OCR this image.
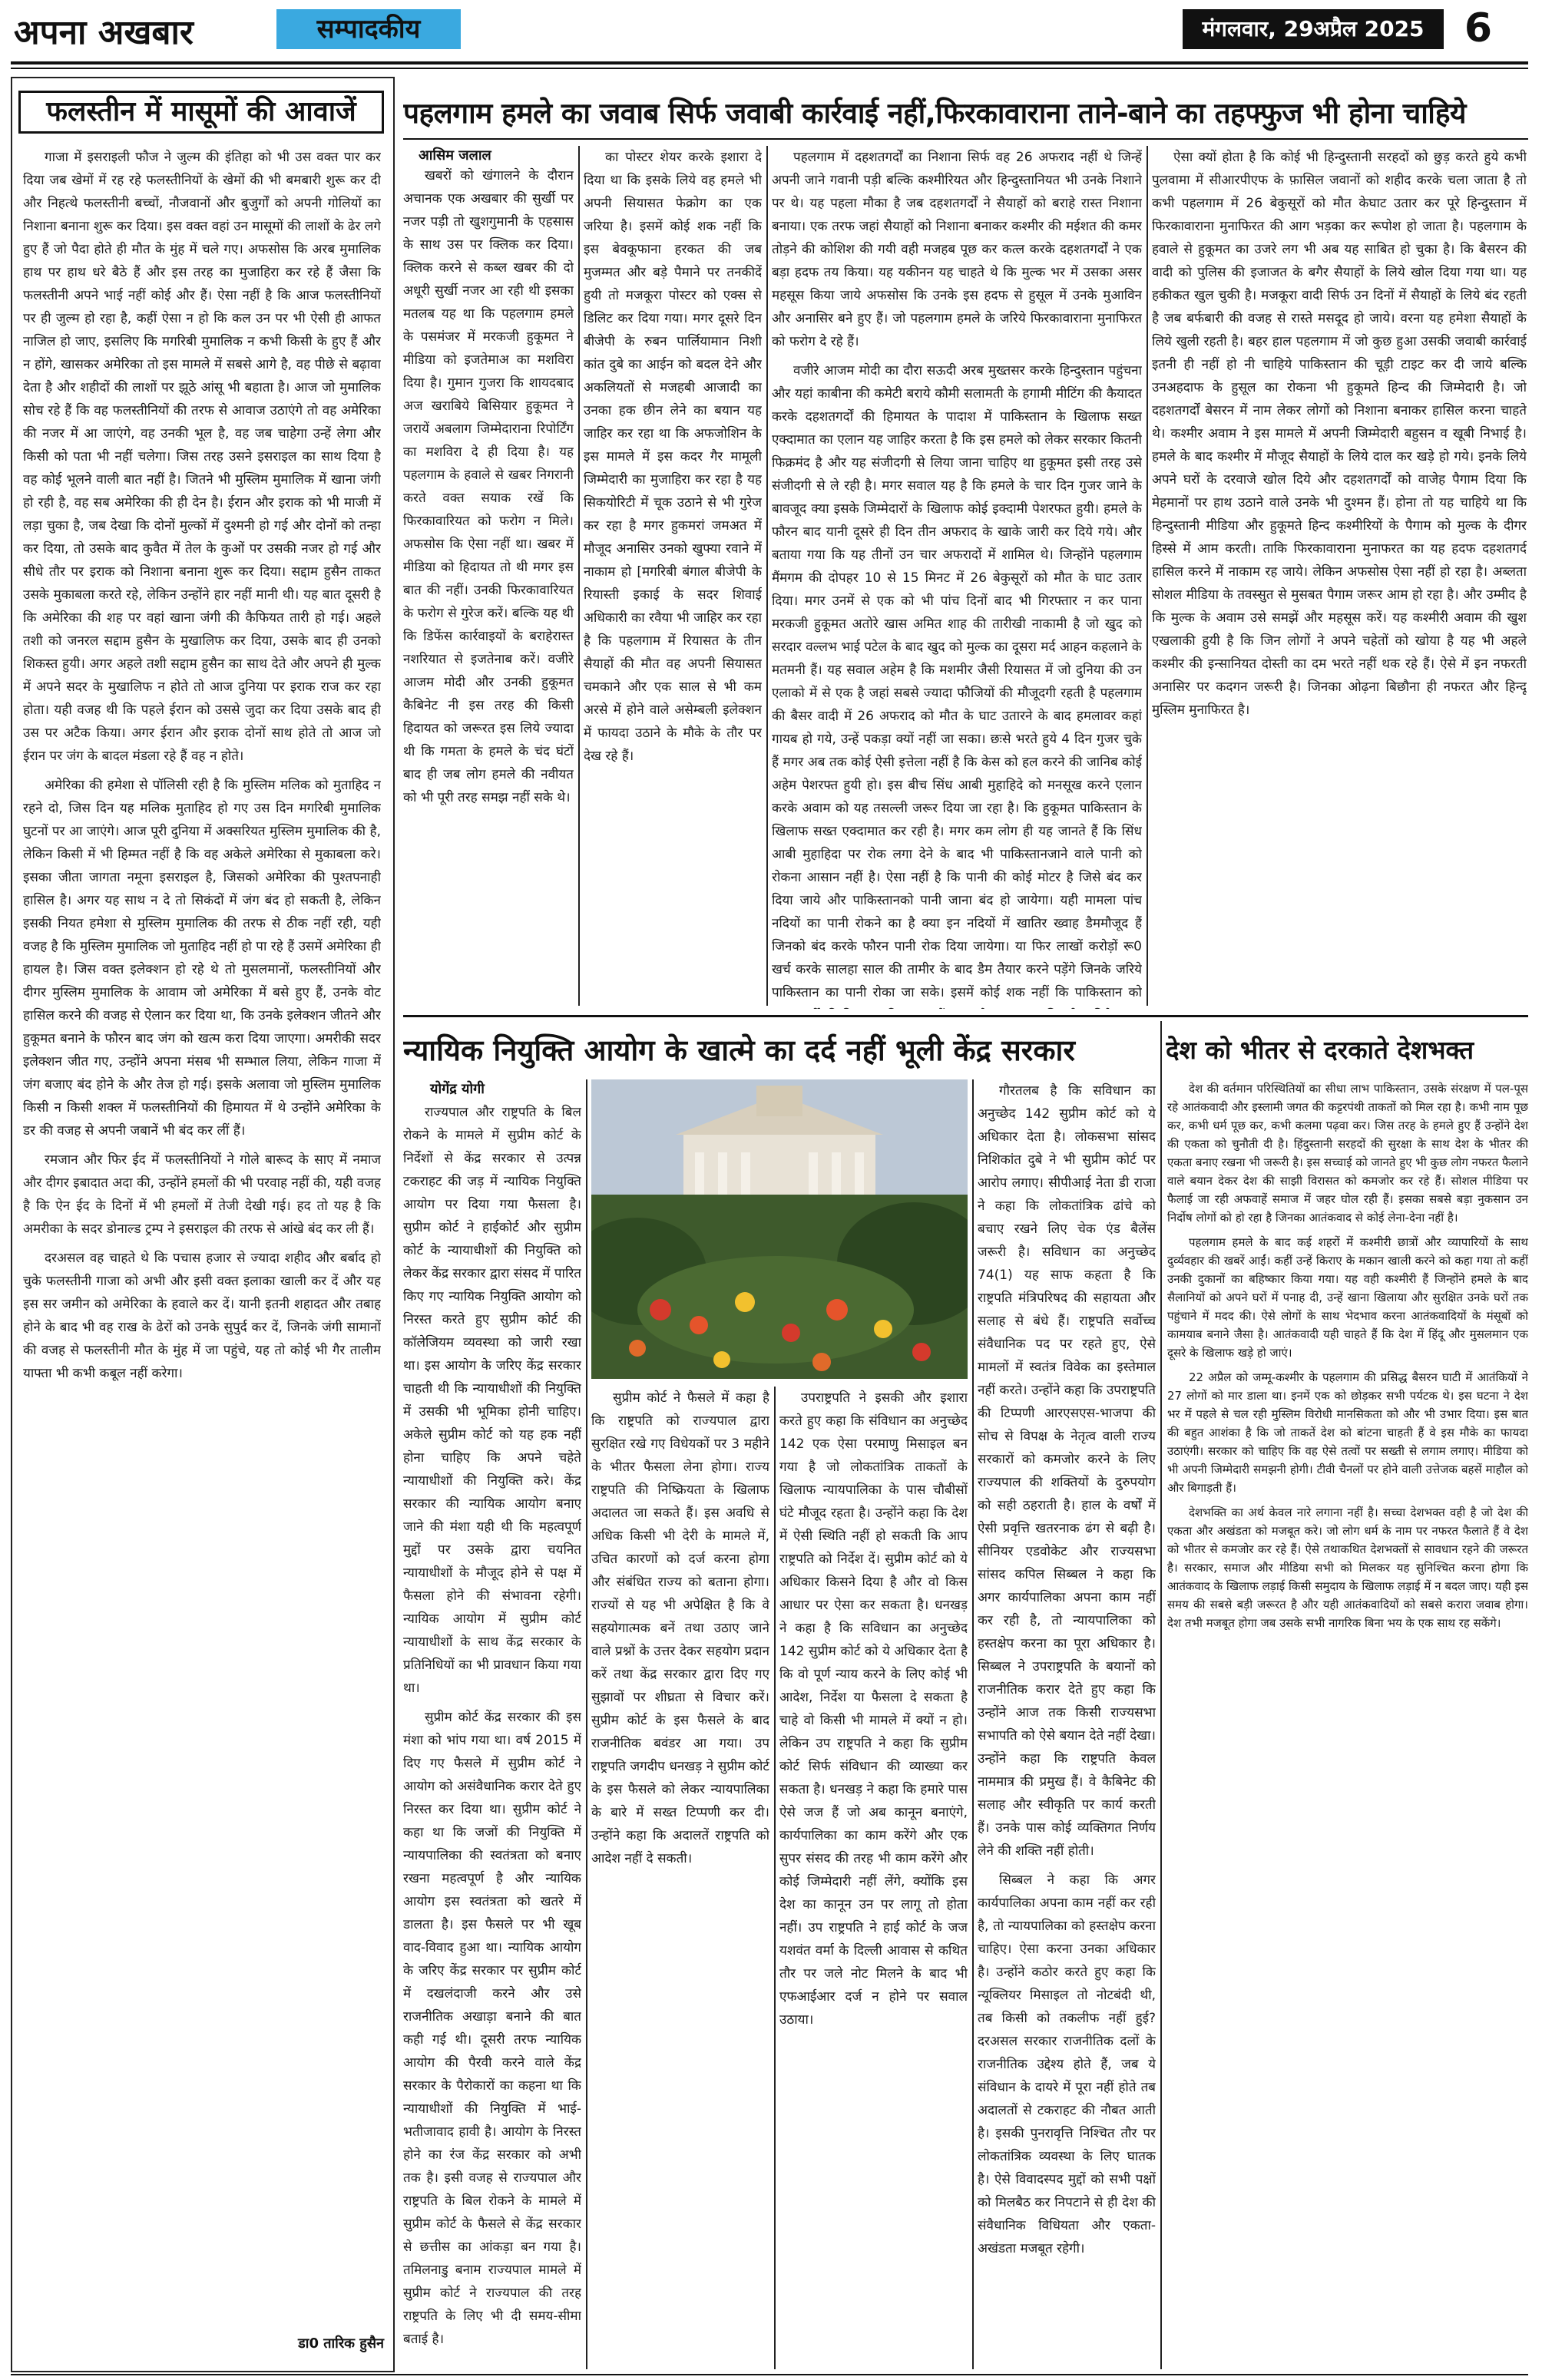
अपना अखबार	सम्पादकीय	मंगलवार, 29अप्रैल 2025	6
फलस्तीन में मासूमों की आवाजें

गाजा में इसराइली फौज ने जुल्म की इंतिहा को भी उस वक्त पार कर दिया जब खेमों में रह रहे फलस्तीनियों के खेमों की भी बमबारी शुरू कर दी और निहत्थे फलस्तीनी बच्चों, नौजवानों और बुजुर्गों को अपनी गोलियों का निशाना बनाना शुरू कर दिया। इस वक्त वहां उन मासूमों की लाशों के ढेर लगे हुए हैं जो पैदा होते ही मौत के मुंह में चले गए। अफसोस कि अरब मुमालिक हाथ पर हाथ धरे बैठे हैं और इस तरह का मुजाहिरा कर रहे हैं जैसा कि फलस्तीनी अपने भाई नहीं कोई और हैं। ऐसा नहीं है कि आज फलस्तीनियों पर ही जुल्म हो रहा है, कहीं ऐसा न हो कि कल उन पर भी ऐसी ही आफत नाजिल हो जाए, इसलिए कि मगरिबी मुमालिक न कभी किसी के हुए हैं और न होंगे, खासकर अमेरिका तो इस मामले में सबसे आगे है, वह पीछे से बढ़ावा देता है और शहीदों की लाशों पर झूठे आंसू भी बहाता है। आज जो मुमालिक सोच रहे हैं कि वह फलस्तीनियों की तरफ से आवाज उठाएंगे तो वह अमेरिका की नजर में आ जाएंगे, वह उनकी भूल है, वह जब चाहेगा उन्हें लेगा और किसी को पता भी नहीं चलेगा। जिस तरह उसने इसराइल का साथ दिया है वह कोई भूलने वाली बात नहीं है। जितने भी मुस्लिम मुमालिक में खाना जंगी हो रही है, वह सब अमेरिका की ही देन है। ईरान और इराक को भी माजी में लड़ा चुका है, जब देखा कि दोनों मुल्कों में दुश्मनी हो गई और दोनों को तन्हा कर दिया, तो उसके बाद कुवैत में तेल के कुओं पर उसकी नजर हो गई और सीधे तौर पर इराक को निशाना बनाना शुरू कर दिया। सद्दाम हुसैन ताकत उसके मुकाबला करते रहे, लेकिन उन्होंने हार नहीं मानी थी। यह बात दूसरी है कि अमेरिका की शह पर वहां खाना जंगी की कैफियत तारी हो गई। अहले तशी को जनरल सद्दाम हुसैन के मुखालिफ कर दिया, उसके बाद ही उनको शिकस्त हुयी। अगर अहले तशी सद्दाम हुसैन का साथ देते और अपने ही मुल्क में अपने सदर के मुखालिफ न होते तो आज दुनिया पर इराक राज कर रहा होता। यही वजह थी कि पहले ईरान को उससे जुदा कर दिया उसके बाद ही उस पर अटैक किया। अगर ईरान और इराक दोनों साथ होते तो आज जो ईरान पर जंग के बादल मंडला रहे हैं वह न होते।

अमेरिका की हमेशा से पॉलिसी रही है कि मुस्लिम मलिक को मुताहिद न रहने दो, जिस दिन यह मलिक मुताहिद हो गए उस दिन मगरिबी मुमालिक घुटनों पर आ जाएंगे। आज पूरी दुनिया में अक्सरियत मुस्लिम मुमालिक की है, लेकिन किसी में भी हिम्मत नहीं है कि वह अकेले अमेरिका से मुकाबला करे। इसका जीता जागता नमूना इसराइल है, जिसको अमेरिका की पुश्तपनाही हासिल है। अगर यह साथ न दे तो सिकंदों में जंग बंद हो सकती है, लेकिन इसकी नियत हमेशा से मुस्लिम मुमालिक की तरफ से ठीक नहीं रही, यही वजह है कि मुस्लिम मुमालिक जो मुताहिद नहीं हो पा रहे हैं उसमें अमेरिका ही हायल है। जिस वक्त इलेक्शन हो रहे थे तो मुसलमानों, फलस्तीनियों और दीगर मुस्लिम मुमालिक के आवाम जो अमेरिका में बसे हुए हैं, उनके वोट हासिल करने की वजह से ऐलान कर दिया था, कि उनके इलेक्शन जीतने और हुकूमत बनाने के फौरन बाद जंग को खत्म करा दिया जाएगा। अमरीकी सदर इलेक्शन जीत गए, उन्होंने अपना मंसब भी सम्भाल लिया, लेकिन गाजा में जंग बजाए बंद होने के और तेज हो गई। इसके अलावा जो मुस्लिम मुमालिक किसी न किसी शक्ल में फलस्तीनियों की हिमायत में थे उन्होंने अमेरिका के डर की वजह से अपनी जबानें भी बंद कर लीं हैं।

रमजान और फिर ईद में फलस्तीनियों ने गोले बारूद के साए में नमाज और दीगर इबादात अदा की, उन्होंने हमलों की भी परवाह नहीं की, यही वजह है कि ऐन ईद के दिनों में भी हमलों में तेजी देखी गई। हद तो यह है कि अमरीका के सदर डोनाल्ड ट्रम्प ने इसराइल की तरफ से आंखे बंद कर ली हैं।

दरअसल वह चाहते थे कि पचास हजार से ज्यादा शहीद और बर्बाद हो चुके फलस्तीनी गाजा को अभी और इसी वक्त इलाका खाली कर दें और यह इस सर जमीन को अमेरिका के हवाले कर दें। यानी इतनी शहादत और तबाह होने के बाद भी वह राख के ढेरों को उनके सुपुर्द कर दें, जिनके जंगी सामानों की वजह से फलस्तीनी मौत के मुंह में जा पहुंचे, यह तो कोई भी गैर तालीम याफ्ता भी कभी कबूल नहीं करेगा।

डा0 तारिक हुसैन
पहलगाम हमले का जवाब सिर्फ जवाबी कार्रवाई नहीं,फिरकावाराना ताने-बाने का तहफ्फुज भी होना चाहिये
आसिम जलाल

खबरों को खंगालने के दौरान अचानक एक अखबार की सुर्खी पर नजर पड़ी तो खुशगुमानी के एहसास के साथ उस पर क्लिक कर दिया। क्लिक करने से कब्ल खबर की दो अधूरी सुर्खी नजर आ रही थी इसका मतलब यह था कि पहलगाम हमले के पसमंजर में मरकजी हुकूमत ने मीडिया को इजतेमाअ का मशविरा दिया है। गुमान गुजरा कि शायदबाद अज खराबिये बिसियार हुकूमत ने जरायें अबलाग जिम्मेदाराना रिपोर्टिंग का मशविरा दे ही दिया है। यह पहलगाम के हवाले से खबर निगरानी करते वक्त सयाक रखें कि फिरकावारियत को फरोग न मिले। अफसोस कि ऐसा नहीं था। खबर में मीडिया को हिदायत तो थी मगर इस बात की नहीं। उनकी फिरकावारियत के फरोग से गुरेज करें। बल्कि यह थी कि डिफेंस कार्रवाइयों के बराहेरास्त नशरियात से इजतेनाब करें। वजीरे आजम मोदी और उनकी हुकूमत कैबिनेट नी इस तरह की किसी हिदायत को जरूरत इस लिये ज्यादा थी कि गमता के हमले के चंद घंटों बाद ही जब लोग हमले की नवीयत को भी पूरी तरह समझ नहीं सके थे।

का पोस्टर शेयर करके इशारा दे दिया था कि इसके लिये वह हमले भी अपनी सियासत फेक्रोग का एक जरिया है। इसमें कोई शक नहीं कि इस बेवकूफाना हरकत की जब मुजम्मत और बड़े पैमाने पर तनकीदें हुयी तो मजकूरा पोस्टर को एक्स से डिलिट कर दिया गया। मगर दूसरे दिन बीजेपी के रुबन पार्लियामान निशी कांत दुबे का आईन को बदल देने और अकलियतों से मजहबी आजादी का उनका हक छीन लेने का बयान यह जाहिर कर रहा था कि अफजोशिन के इस मामले में इस कदर गैर मामूली जिम्मेदारी का मुजाहिरा कर रहा है यह सिकयोरिटी में चूक उठाने से भी गुरेज कर रहा है मगर हुकमरां जमअत में मौजूद अनासिर उनको खुफ्या रवाने में नाकाम हो [मगरिबी बंगाल बीजेपी के रियास्ती इकाई के सदर शिवाई अधिकारी का रवैया भी जाहिर कर रहा है कि पहलगाम में रियासत के तीन सैयाहों की मौत वह अपनी सियासत चमकाने और एक साल से भी कम अरसे में होने वाले असेम्बली इलेक्शन में फायदा उठाने के मौके के तौर पर देख रहे हैं।

पहलगाम में दहशतगर्दों का निशाना सिर्फ वह 26 अफराद नहीं थे जिन्हें अपनी जाने गवानी पड़ी बल्कि कश्मीरियत और हिन्दुस्तानियत भी उनके निशाने पर थे। यह पहला मौका है जब दहशतगर्दों ने सैयाहों को बराहे रास्त निशाना बनाया। एक तरफ जहां सैयाहों को निशाना बनाकर कश्मीर की मईशत की कमर तोड़ने की कोशिश की गयी वही मजहब पूछ कर कत्ल करके दहशतगर्दों ने एक बड़ा हदफ तय किया। यह यकीनन यह चाहते थे कि मुल्क भर में उसका असर महसूस किया जाये अफसोस कि उनके इस हदफ से हुसूल में उनके मुआविन और अनासिर बने हुए हैं। जो पहलगाम हमले के जरिये फिरकावाराना मुनाफिरत को फरोग दे रहे हैं।

वजीरे आजम मोदी का दौरा सऊदी अरब मुख्तसर करके हिन्दुस्तान पहुंचना और यहां काबीना की कमेटी बराये कौमी सलामती के हगामी मीटिंग की कैयादत करके दहशतगर्दों की हिमायत के पादाश में पाकिस्तान के खिलाफ सख्त एक्दामात का एलान यह जाहिर करता है कि इस हमले को लेकर सरकार कितनी फिक्रमंद है और यह संजीदगी से लिया जाना चाहिए था हुकूमत इसी तरह उसे संजीदगी से ले रही है। मगर सवाल यह है कि हमले के चार दिन गुजर जाने के बावजूद क्या इसके जिम्मेदारों के खिलाफ कोई इक्दामी पेशरफत हुयी। हमले के फौरन बाद यानी दूसरे ही दिन तीन अफराद के खाके जारी कर दिये गये। और बताया गया कि यह तीनों उन चार अफरादों में शामिल थे। जिन्होंने पहलगाम मैंमगम की दोपहर 10 से 15 मिनट में 26 बेकुसूरों को मौत के घाट उतार दिया। मगर उनमें से एक को भी पांच दिनों बाद भी गिरफ्तार न कर पाना मरकजी हुकूमत अतोरे खास अमित शाह की तारीखी नाकामी है जो खुद को सरदार वल्लभ भाई पटेल के बाद खुद को मुल्क का दूसरा मर्द आहन कहलाने के मतमनी हैं। यह सवाल अहेम है कि मशमीर जैसी रियासत में जो दुनिया की उन एलाको में से एक है जहां सबसे ज्यादा फौजियों की मौजूदगी रहती है पहलगाम की बैसर वादी में 26 अफराद को मौत के घाट उतारने के बाद हमलावर कहां गायब हो गये, उन्हें पकड़ा क्यों नहीं जा सका। छःसे भरते हुये 4 दिन गुजर चुके हैं मगर अब तक कोई ऐसी इत्तेला नहीं है कि केस को हल करने की जानिब कोई अहेम पेशरफ्त हुयी हो। इस बीच सिंध आबी मुहाहिदे को मनसूख करने एलान करके अवाम को यह तसल्ली जरूर दिया जा रहा है। कि हुकूमत पाकिस्तान के खिलाफ सख्त एक्दामात कर रही है। मगर कम लोग ही यह जानते हैं कि सिंध आबी मुहाहिदा पर रोक लगा देने के बाद भी पाकिस्तानजाने वाले पानी को रोकना आसान नहीं है। ऐसा नहीं है कि पानी की कोई मोटर है जिसे बंद कर दिया जाये और पाकिस्तानको पानी जाना बंद हो जायेगा। यही मामला पांच नदियों का पानी रोकने का है क्या इन नदियों में खातिर ख्वाह डैममौजूद हैं जिनको बंद करके फौरन पानी रोक दिया जायेगा। या फिर लाखों करोड़ों रू0 खर्च करके सालहा साल की तामीर के बाद डैम तैयार करने पड़ेंगे जिनके जरिये पाकिस्तान का पानी रोका जा सके। इसमें कोई शक नहीं कि पाकिस्तान को

ऐसा क्यों होता है कि कोई भी हिन्दुस्तानी सरहदों को छुड़ करते हुये कभी पुलवामा में सीआरपीएफ के फ़ासिल जवानों को शहीद करके चला जाता है तो कभी पहलगाम में 26 बेकुसूरों को मौत केघाट उतार कर पूरे हिन्दुस्तान में फिरकावाराना मुनाफिरत की आग भड़का कर रूपोश हो जाता है। पहलगाम के हवाले से हुकूमत का उजरे लग भी अब यह साबित हो चुका है। कि बैसरन की वादी को पुलिस की इजाजत के बगैर सैयाहों के लिये खोल दिया गया था। यह हकीकत खुल चुकी है। मजकूरा वादी सिर्फ उन दिनों में सैयाहों के लिये बंद रहती है जब बर्फबारी की वजह से रास्ते मसदूद हो जाये। वरना यह हमेशा सैयाहों के लिये खुली रहती है। बहर हाल पहलगाम में जो कुछ हुआ उसकी जवाबी कार्रवाई इतनी ही नहीं हो नी चाहिये पाकिस्तान की चूड़ी टाइट कर दी जाये बल्कि उनअहदाफ के हुसूल का रोकना भी हुकूमते हिन्द की जिम्मेदारी है। जो दहशतगर्दों बेसरन में नाम लेकर लोगों को निशाना बनाकर हासिल करना चाहते थे। कश्मीर अवाम ने इस मामले में अपनी जिम्मेदारी बहुसन व खूबी निभाई है। हमले के बाद कश्मीर में मौजूद सैयाहों के लिये दाल कर खड़े हो गये। इनके लिये अपने घरों के दरवाजे खोल दिये और दहशतगर्दों को वाजेह पैगाम दिया कि मेहमानों पर हाथ उठाने वाले उनके भी दुश्मन हैं। होना तो यह चाहिये था कि हिन्दुस्तानी मीडिया और हुकूमते हिन्द कश्मीरियों के पैगाम को मुल्क के दीगर हिस्से में आम करती। ताकि फिरकावाराना मुनाफरत का यह हदफ दहशतगर्द हासिल करने में नाकाम रह जाये। लेकिन अफसोस ऐसा नहीं हो रहा है। अब्लता सोशल मीडिया के तवस्सुत से मुसबत पैगाम जरूर आम हो रहा है। और उम्मीद है कि मुल्क के अवाम उसे समझें और महसूस करें। यह कश्मीरी अवाम की खुश एखलाकी हुयी है कि जिन लोगों ने अपने चहेतों को खोया है यह भी अहले कश्मीर की इन्सानियत दोस्ती का दम भरते नहीं थक रहे हैं। ऐसे में इन नफरती अनासिर पर कदगन जरूरी है। जिनका ओढ़ना बिछौना ही नफरत और हिन्दू मुस्लिम मुनाफिरत है।

न्यायिक नियुक्ति आयोग के खात्मे का दर्द नहीं भूली केंद्र सरकार
योगेंद्र योगी

राज्यपाल और राष्ट्रपति के बिल रोकने के मामले में सुप्रीम कोर्ट के निर्देशों से केंद्र सरकार से उत्पन्न टकराहट की जड़ में न्यायिक नियुक्ति आयोग पर दिया गया फैसला है। सुप्रीम कोर्ट ने हाईकोर्ट और सुप्रीम कोर्ट के न्यायाधीशों की नियुक्ति को लेकर केंद्र सरकार द्वारा संसद में पारित किए गए न्यायिक नियुक्ति आयोग को निरस्त करते हुए सुप्रीम कोर्ट की कॉलेजियम व्यवस्था को जारी रखा था। इस आयोग के जरिए केंद्र सरकार चाहती थी कि न्यायाधीशों की नियुक्ति में उसकी भी भूमिका होनी चाहिए। अकेले सुप्रीम कोर्ट को यह हक नहीं होना चाहिए कि अपने चहेते न्यायाधीशों की नियुक्ति करे। केंद्र सरकार की न्यायिक आयोग बनाए जाने की मंशा यही थी कि महत्वपूर्ण मुद्दों पर उसके द्वारा चयनित न्यायाधीशों के मौजूद होने से पक्ष में फैसला होने की संभावना रहेगी। न्यायिक आयोग में सुप्रीम कोर्ट न्यायाधीशों के साथ केंद्र सरकार के प्रतिनिधियों का भी प्रावधान किया गया था।

सुप्रीम कोर्ट केंद्र सरकार की इस मंशा को भांप गया था। वर्ष 2015 में दिए गए फैसले में सुप्रीम कोर्ट ने आयोग को असंवैधानिक करार देते हुए निरस्त कर दिया था। सुप्रीम कोर्ट ने कहा था कि जजों की नियुक्ति में न्यायपालिका की स्वतंत्रता को बनाए रखना महत्वपूर्ण है और न्यायिक आयोग इस स्वतंत्रता को खतरे में डालता है। इस फैसले पर भी खूब वाद-विवाद हुआ था। न्यायिक आयोग के जरिए केंद्र सरकार पर सुप्रीम कोर्ट में दखलंदाजी करने और उसे राजनीतिक अखाड़ा बनाने की बात कही गई थी। दूसरी तरफ न्यायिक आयोग की पैरवी करने वाले केंद्र सरकार के पैरोकारों का कहना था कि न्यायाधीशों की नियुक्ति में भाई-भतीजावाद हावी है। आयोग के निरस्त होने का रंज केंद्र सरकार को अभी तक है। इसी वजह से राज्यपाल और राष्ट्रपति के बिल रोकने के मामले में सुप्रीम कोर्ट के फैसले से केंद्र सरकार से छत्तीस का आंकड़ा बन गया है। तमिलनाडु बनाम राज्यपाल मामले में सुप्रीम कोर्ट ने राज्यपाल की तरह राष्ट्रपति के लिए भी दी समय-सीमा बताई है।

सुप्रीम कोर्ट ने फैसले में कहा है कि राष्ट्रपति को राज्यपाल द्वारा सुरक्षित रखे गए विधेयकों पर 3 महीने के भीतर फैसला लेना होगा। राज्य राष्ट्रपति की निष्क्रियता के खिलाफ अदालत जा सकते हैं। इस अवधि से अधिक किसी भी देरी के मामले में, उचित कारणों को दर्ज करना होगा और संबंधित राज्य को बताना होगा। राज्यों से यह भी अपेक्षित है कि वे सहयोगात्मक बनें तथा उठाए जाने वाले प्रश्नों के उत्तर देकर सहयोग प्रदान करें तथा केंद्र सरकार द्वारा दिए गए सुझावों पर शीघ्रता से विचार करें। सुप्रीम कोर्ट के इस फैसले के बाद राजनीतिक बवंडर आ गया। उप राष्ट्रपति जगदीप धनखड़ ने सुप्रीम कोर्ट के इस फैसले को लेकर न्यायपालिका के बारे में सख्त टिप्पणी कर दी। उन्होंने कहा कि अदालतें राष्ट्रपति को आदेश नहीं दे सकती।

उपराष्ट्रपति ने इसकी और इशारा करते हुए कहा कि संविधान का अनुच्छेद 142 एक ऐसा परमाणु मिसाइल बन गया है जो लोकतांत्रिक ताकतों के खिलाफ न्यायपालिका के पास चौबीसों घंटे मौजूद रहता है। उन्होंने कहा कि देश में ऐसी स्थिति नहीं हो सकती कि आप राष्ट्रपति को निर्देश दें। सुप्रीम कोर्ट को ये अधिकार किसने दिया है और वो किस आधार पर ऐसा कर सकता है। धनखड़ ने कहा है कि सविधान का अनुच्छेद 142 सुप्रीम कोर्ट को ये अधिकार देता है कि वो पूर्ण न्याय करने के लिए कोई भी आदेश, निर्देश या फैसला दे सकता है चाहे वो किसी भी मामले में क्यों न हो। लेकिन उप राष्ट्रपति ने कहा कि सुप्रीम कोर्ट सिर्फ संविधान की व्याख्या कर सकता है। धनखड़ ने कहा कि हमारे पास ऐसे जज हैं जो अब कानून बनाएंगे, कार्यपालिका का काम करेंगे और एक सुपर संसद की तरह भी काम करेंगे और कोई जिम्मेदारी नहीं लेंगे, क्योंकि इस देश का कानून उन पर लागू तो होता नहीं। उप राष्ट्रपति ने हाई कोर्ट के जज यशवंत वर्मा के दिल्ली आवास से कथित तौर पर जले नोट मिलने के बाद भी एफआईआर दर्ज न होने पर सवाल उठाया।

गौरतलब है कि सविधान का अनुच्छेद 142 सुप्रीम कोर्ट को ये अधिकार देता है। लोकसभा सांसद निशिकांत दुबे ने भी सुप्रीम कोर्ट पर आरोप लगाए। सीपीआई नेता डी राजा ने कहा कि लोकतांत्रिक ढांचे को बचाए रखने लिए चेक एंड बैलेंस जरूरी है। सविधान का अनुच्छेद 74(1) यह साफ कहता है कि राष्ट्रपति मंत्रिपरिषद की सहायता और सलाह से बंधे हैं। राष्ट्रपति सर्वोच्च संवैधानिक पद पर रहते हुए, ऐसे मामलों में स्वतंत्र विवेक का इस्तेमाल नहीं करते। उन्होंने कहा कि उपराष्ट्रपति की टिप्पणी आरएसएस-भाजपा की सोच से विपक्ष के नेतृत्व वाली राज्य सरकारों को कमजोर करने के लिए राज्यपाल की शक्तियों के दुरुपयोग को सही ठहराती है। हाल के वर्षों में ऐसी प्रवृत्ति खतरनाक ढंग से बढ़ी है। सीनियर एडवोकेट और राज्यसभा सांसद कपिल सिब्बल ने कहा कि अगर कार्यपालिका अपना काम नहीं कर रही है, तो न्यायपालिका को हस्तक्षेप करना का पूरा अधिकार है। सिब्बल ने उपराष्ट्रपति के बयानों को राजनीतिक करार देते हुए कहा कि उन्होंने आज तक किसी राज्यसभा सभापति को ऐसे बयान देते नहीं देखा। उन्होंने कहा कि राष्ट्रपति केवल नाममात्र की प्रमुख हैं। वे कैबिनेट की सलाह और स्वीकृति पर कार्य करती हैं। उनके पास कोई व्यक्तिगत निर्णय लेने की शक्ति नहीं होती।

सिब्बल ने कहा कि अगर कार्यपालिका अपना काम नहीं कर रही है, तो न्यायपालिका को हस्तक्षेप करना चाहिए। ऐसा करना उनका अधिकार है। उन्होंने कठोर करते हुए कहा कि न्यूक्लियर मिसाइल तो नोटबंदी थी, तब किसी को तकलीफ नहीं हुई? दरअसल सरकार राजनीतिक दलों के राजनीतिक उद्देश्य होते हैं, जब ये संविधान के दायरे में पूरा नहीं होते तब अदालतों से टकराहट की नौबत आती है। इसकी पुनरावृत्ति निश्चित तौर पर लोकतांत्रिक व्यवस्था के लिए घातक है। ऐसे विवादस्पद मुद्दों को सभी पक्षों को मिलबैठ कर निपटाने से ही देश की संवैधानिक विधियता और एकता-अखंडता मजबूत रहेगी।

देश को भीतर से दरकाते देशभक्त

देश की वर्तमान परिस्थितियों का सीधा लाभ पाकिस्तान, उसके संरक्षण में पल-पूस रहे आतंकवादी और इस्लामी जगत की कट्टरपंथी ताकतों को मिल रहा है। कभी नाम पूछ कर, कभी धर्म पूछ कर, कभी कलमा पढ़वा कर। जिस तरह के हमले हुए हैं उन्होंने देश की एकता को चुनौती दी है। हिंदुस्तानी सरहदों की सुरक्षा के साथ देश के भीतर की एकता बनाए रखना भी जरूरी है। इस सच्चाई को जानते हुए भी कुछ लोग नफरत फैलाने वाले बयान देकर देश की साझी विरासत को कमजोर कर रहे हैं। सोशल मीडिया पर फैलाई जा रही अफवाहें समाज में जहर घोल रही हैं। इसका सबसे बड़ा नुकसान उन निर्दोष लोगों को हो रहा है जिनका आतंकवाद से कोई लेना-देना नहीं है।

पहलगाम हमले के बाद कई शहरों में कश्मीरी छात्रों और व्यापारियों के साथ दुर्व्यवहार की खबरें आईं। कहीं उन्हें किराए के मकान खाली करने को कहा गया तो कहीं उनकी दुकानों का बहिष्कार किया गया। यह वही कश्मीरी हैं जिन्होंने हमले के बाद सैलानियों को अपने घरों में पनाह दी, उन्हें खाना खिलाया और सुरक्षित उनके घरों तक पहुंचाने में मदद की। ऐसे लोगों के साथ भेदभाव करना आतंकवादियों के मंसूबों को कामयाब बनाने जैसा है। आतंकवादी यही चाहते हैं कि देश में हिंदू और मुसलमान एक दूसरे के खिलाफ खड़े हो जाएं।

22 अप्रैल को जम्मू-कश्मीर के पहलगाम की प्रसिद्ध बैसरन घाटी में आतंकियों ने 27 लोगों को मार डाला था। इनमें एक को छोड़कर सभी पर्यटक थे। इस घटना ने देश भर में पहले से चल रही मुस्लिम विरोधी मानसिकता को और भी उभार दिया। इस बात की बहुत आशंका है कि जो ताकतें देश को बांटना चाहती हैं वे इस मौके का फायदा उठाएंगी। सरकार को चाहिए कि वह ऐसे तत्वों पर सख्ती से लगाम लगाए। मीडिया को भी अपनी जिम्मेदारी समझनी होगी। टीवी चैनलों पर होने वाली उत्तेजक बहसें माहौल को और बिगाड़ती हैं।

देशभक्ति का अर्थ केवल नारे लगाना नहीं है। सच्चा देशभक्त वही है जो देश की एकता और अखंडता को मजबूत करे। जो लोग धर्म के नाम पर नफरत फैलाते हैं वे देश को भीतर से कमजोर कर रहे हैं। ऐसे तथाकथित देशभक्तों से सावधान रहने की जरूरत है। सरकार, समाज और मीडिया सभी को मिलकर यह सुनिश्चित करना होगा कि आतंकवाद के खिलाफ लड़ाई किसी समुदाय के खिलाफ लड़ाई में न बदल जाए। यही इस समय की सबसे बड़ी जरूरत है और यही आतंकवादियों को सबसे करारा जवाब होगा। देश तभी मजबूत होगा जब उसके सभी नागरिक बिना भय के एक साथ रह सकेंगे।
